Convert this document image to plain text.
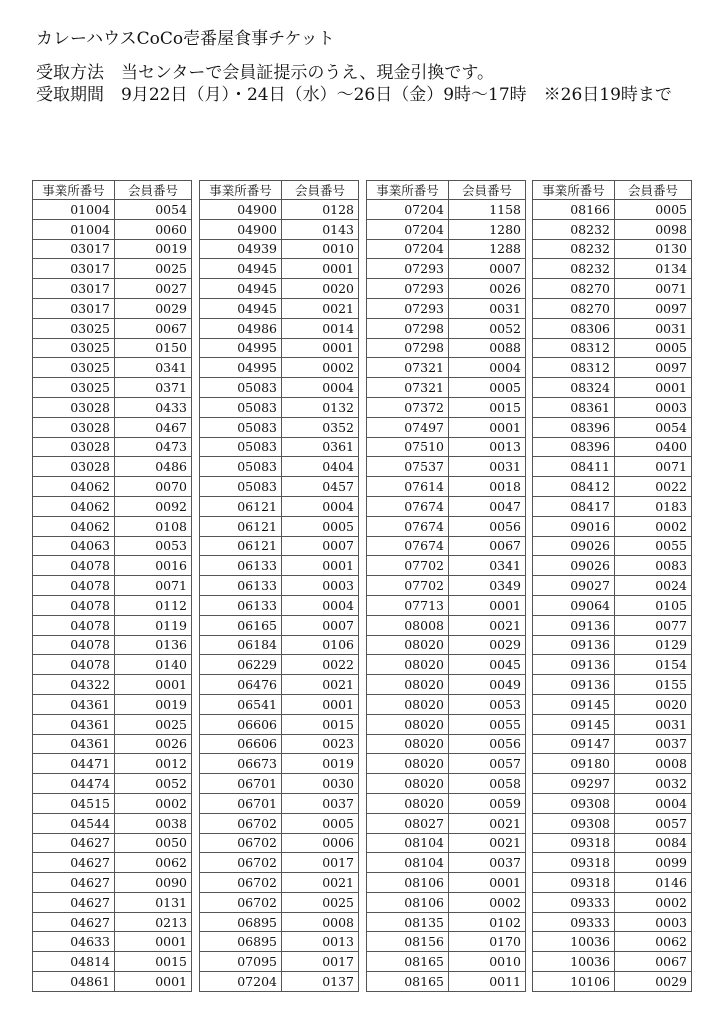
カレーハウスCoCo壱番屋食事チケット
受取方法　当センターで会員証提示のうえ、現金引換です。
受取期間　9月22日（月）・24日（水）～26日（金）9時～17時　※26日19時まで
事業所番号	会員番号
01004	0054
01004	0060
03017	0019
03017	0025
03017	0027
03017	0029
03025	0067
03025	0150
03025	0341
03025	0371
03028	0433
03028	0467
03028	0473
03028	0486
04062	0070
04062	0092
04062	0108
04063	0053
04078	0016
04078	0071
04078	0112
04078	0119
04078	0136
04078	0140
04322	0001
04361	0019
04361	0025
04361	0026
04471	0012
04474	0052
04515	0002
04544	0038
04627	0050
04627	0062
04627	0090
04627	0131
04627	0213
04633	0001
04814	0015
04861	0001
事業所番号	会員番号
04900	0128
04900	0143
04939	0010
04945	0001
04945	0020
04945	0021
04986	0014
04995	0001
04995	0002
05083	0004
05083	0132
05083	0352
05083	0361
05083	0404
05083	0457
06121	0004
06121	0005
06121	0007
06133	0001
06133	0003
06133	0004
06165	0007
06184	0106
06229	0022
06476	0021
06541	0001
06606	0015
06606	0023
06673	0019
06701	0030
06701	0037
06702	0005
06702	0006
06702	0017
06702	0021
06702	0025
06895	0008
06895	0013
07095	0017
07204	0137
事業所番号	会員番号
07204	1158
07204	1280
07204	1288
07293	0007
07293	0026
07293	0031
07298	0052
07298	0088
07321	0004
07321	0005
07372	0015
07497	0001
07510	0013
07537	0031
07614	0018
07674	0047
07674	0056
07674	0067
07702	0341
07702	0349
07713	0001
08008	0021
08020	0029
08020	0045
08020	0049
08020	0053
08020	0055
08020	0056
08020	0057
08020	0058
08020	0059
08027	0021
08104	0021
08104	0037
08106	0001
08106	0002
08135	0102
08156	0170
08165	0010
08165	0011
事業所番号	会員番号
08166	0005
08232	0098
08232	0130
08232	0134
08270	0071
08270	0097
08306	0031
08312	0005
08312	0097
08324	0001
08361	0003
08396	0054
08396	0400
08411	0071
08412	0022
08417	0183
09016	0002
09026	0055
09026	0083
09027	0024
09064	0105
09136	0077
09136	0129
09136	0154
09136	0155
09145	0020
09145	0031
09147	0037
09180	0008
09297	0032
09308	0004
09308	0057
09318	0084
09318	0099
09318	0146
09333	0002
09333	0003
10036	0062
10036	0067
10106	0029
